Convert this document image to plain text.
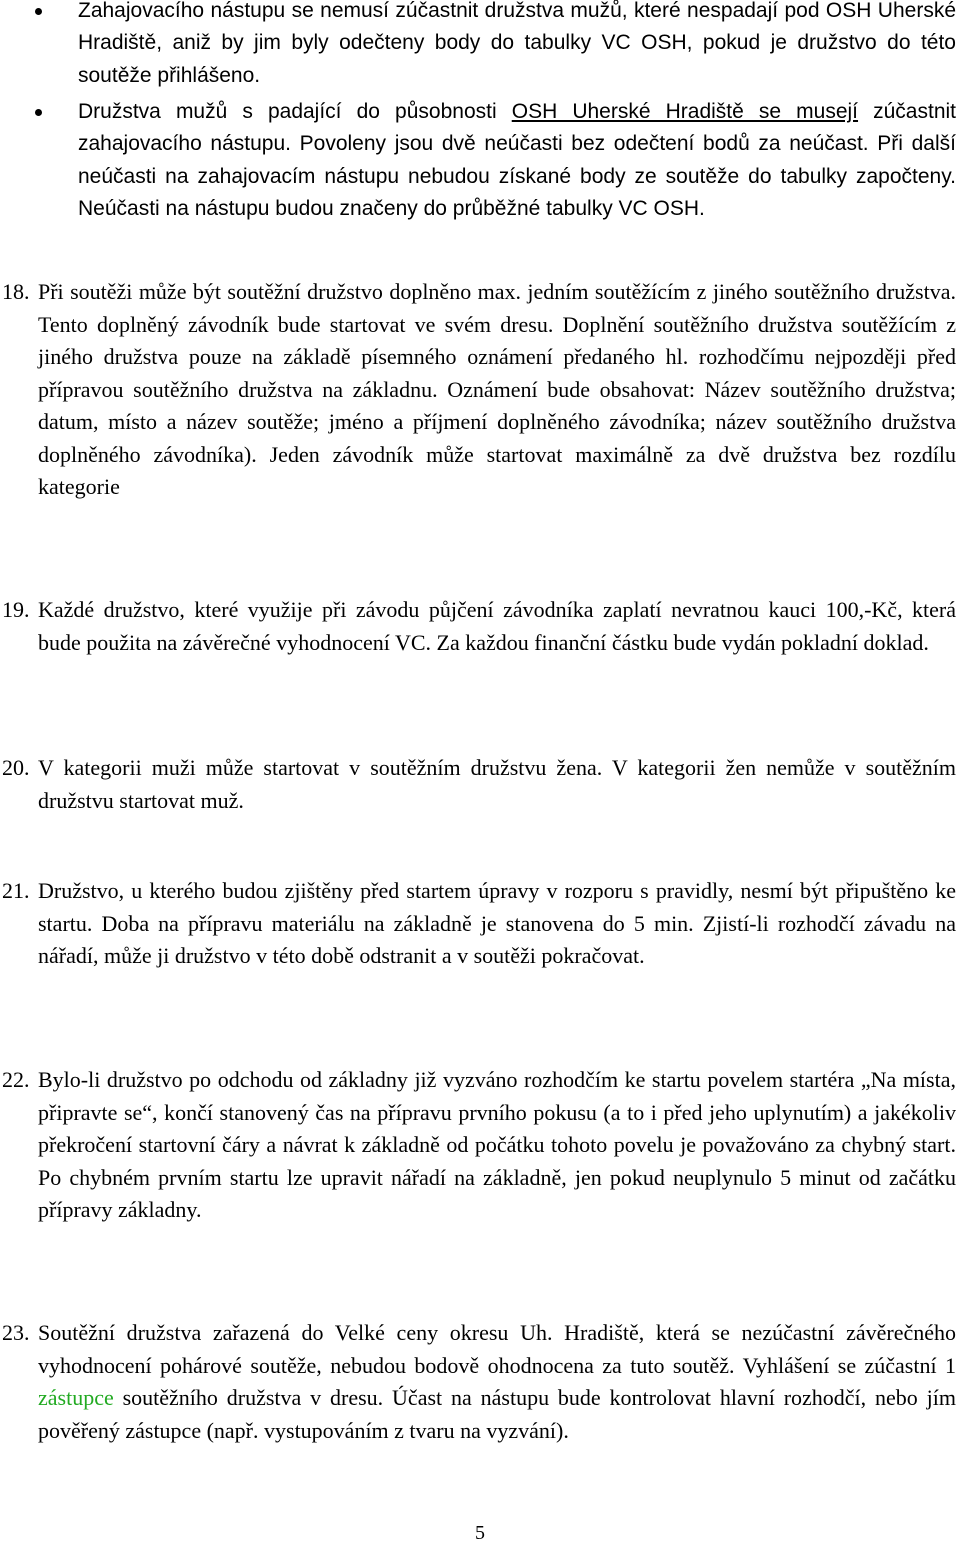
Zahajovacího nástupu se nemusí zúčastnit družstva mužů, které nespadají pod OSH Uherské Hradiště, aniž by jim byly odečteny body do tabulky VC OSH, pokud je družstvo do této soutěže přihlášeno.
Družstva mužů s padající do působnosti OSH Uherské Hradiště se musejí zúčastnit zahajovacího nástupu. Povoleny jsou dvě neúčasti bez odečtení bodů za neúčast. Při další neúčasti na zahajovacím nástupu nebudou získané body ze soutěže do tabulky započteny. Neúčasti na nástupu budou značeny do průběžné tabulky VC OSH.
18. Při soutěži může být soutěžní družstvo doplněno max. jedním soutěžícím z jiného soutěžního družstva. Tento doplněný závodník bude startovat ve svém dresu. Doplnění soutěžního družstva soutěžícím z jiného družstva pouze na základě písemného oznámení předaného hl. rozhodčímu nejpozději před přípravou soutěžního družstva na základnu. Oznámení bude obsahovat: Název soutěžního družstva; datum, místo a název soutěže; jméno a příjmení doplněného závodníka; název soutěžního družstva doplněného závodníka). Jeden závodník může startovat maximálně za dvě družstva bez rozdílu kategorie
19. Každé družstvo, které využije při závodu půjčení závodníka zaplatí nevratnou kauci 100,-Kč, která bude použita na závěrečné vyhodnocení VC. Za každou finanční částku bude vydán pokladní doklad.
20. V kategorii muži může startovat v soutěžním družstvu žena. V kategorii žen nemůže v soutěžním družstvu startovat muž.
21. Družstvo, u kterého budou zjištěny před startem úpravy v rozporu s pravidly, nesmí být připuštěno ke startu. Doba na přípravu materiálu na základně je stanovena do 5 min. Zjistí-li rozhodčí závadu na nářadí, může ji družstvo v této době odstranit a v soutěži pokračovat.
22. Bylo-li družstvo po odchodu od základny již vyzváno rozhodčím ke startu povelem startéra „Na místa, připravte se“, končí stanovený čas na přípravu prvního pokusu (a to i před jeho uplynutím) a jakékoliv překročení startovní čáry a návrat k základně od počátku tohoto povelu je považováno za chybný start. Po chybném prvním startu lze upravit nářadí na základně, jen pokud neuplynulo 5 minut od začátku přípravy základny.
23. Soutěžní družstva zařazená do Velké ceny okresu Uh. Hradiště, která se nezúčastní závěrečného vyhodnocení pohárové soutěže, nebudou bodově ohodnocena za tuto soutěž. Vyhlášení se zúčastní 1 zástupce soutěžního družstva v dresu. Účast na nástupu bude kontrolovat hlavní rozhodčí, nebo jím pověřený zástupce (např. vystupováním z tvaru na vyzvání).
5
